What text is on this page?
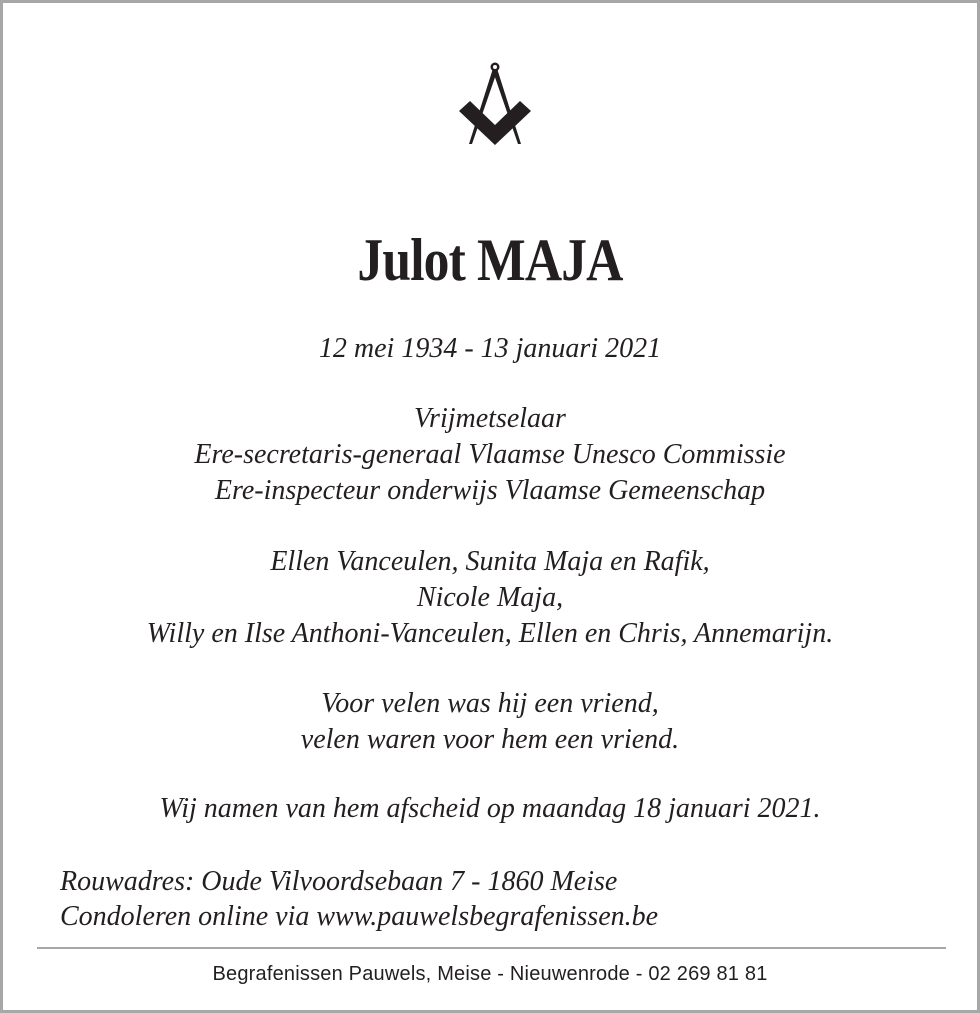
Julot MAJA
12 mei 1934 - 13 januari 2021
Vrijmetselaar
Ere-secretaris-generaal Vlaamse Unesco Commissie
Ere-inspecteur onderwijs Vlaamse Gemeenschap
Ellen Vanceulen, Sunita Maja en Rafik,
Nicole Maja,
Willy en Ilse Anthoni-Vanceulen, Ellen en Chris, Annemarijn.
Voor velen was hij een vriend,
velen waren voor hem een vriend.
Wij namen van hem afscheid op maandag 18 januari 2021.
Rouwadres: Oude Vilvoordsebaan 7 - 1860 Meise
Condoleren online via www.pauwelsbegrafenissen.be
Begrafenissen Pauwels, Meise - Nieuwenrode - 02 269 81 81
